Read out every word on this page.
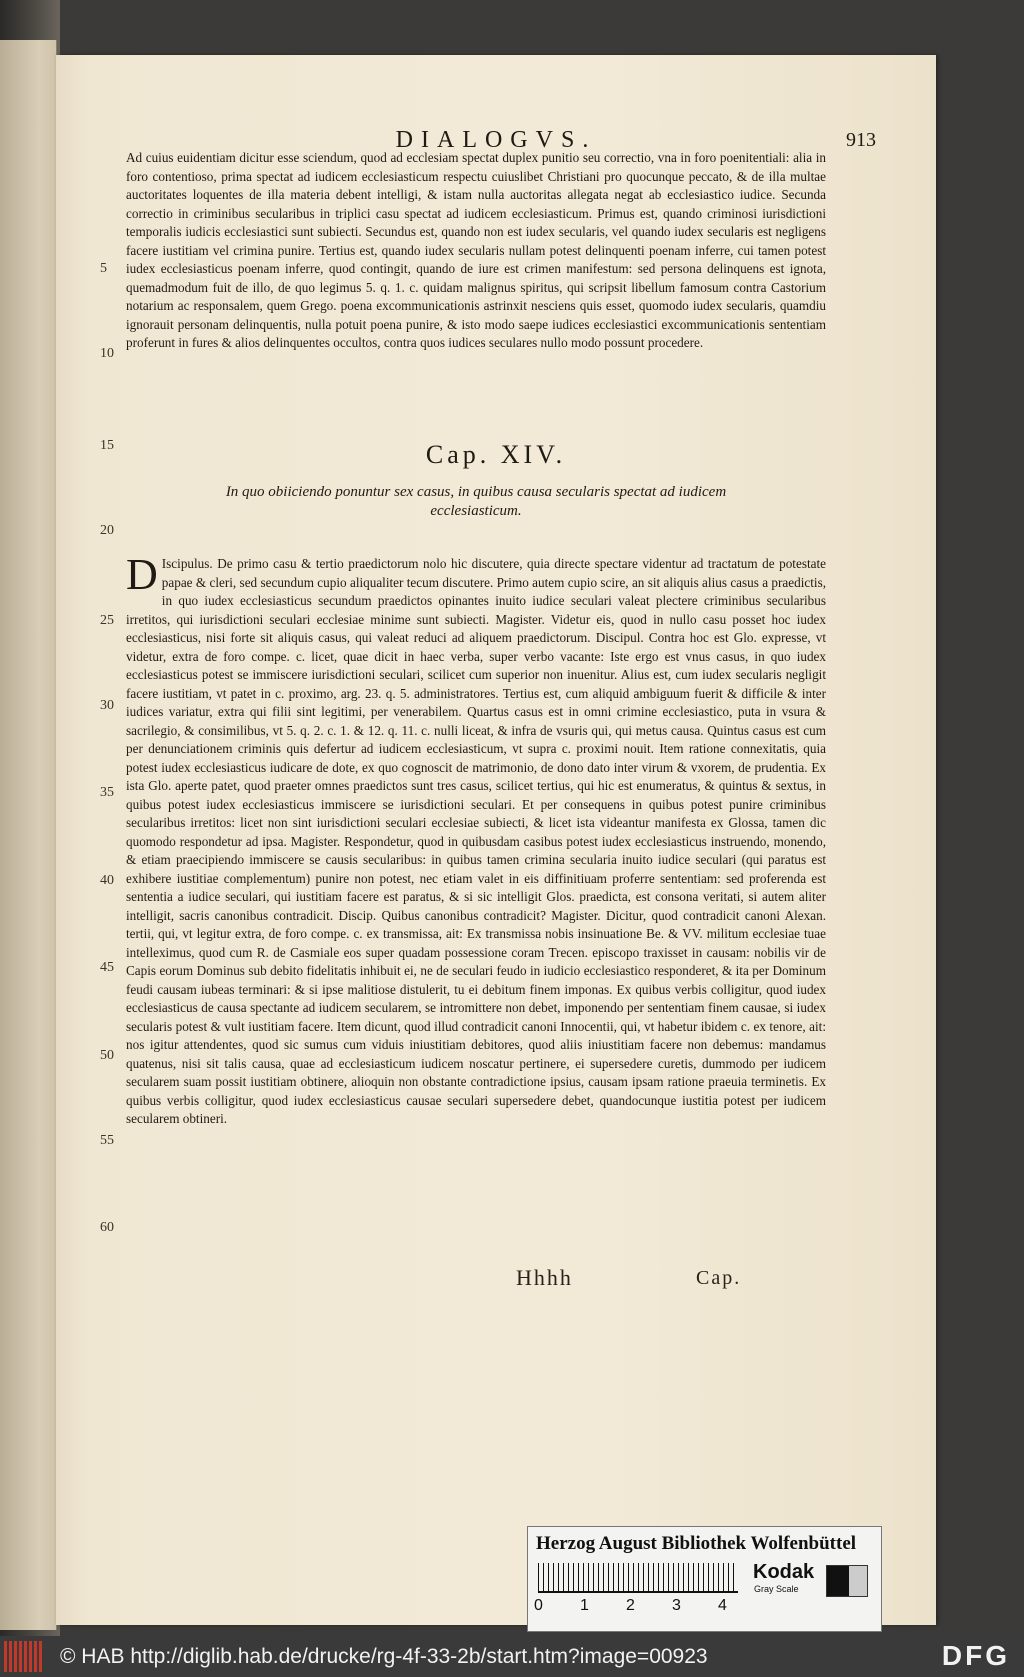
DIALOGVS.	913
5
10
15
20
25
30
35
40
45
50
55
60

Ad cuius euidentiam dicitur esse sciendum, quod ad ecclesiam spectat duplex punitio seu correctio, vna in foro poenitentiali: alia in foro contentioso, prima spectat ad iudicem ecclesiasticum respectu cuiuslibet Christiani pro quocunque peccato, & de illa multae auctoritates loquentes de illa materia debent intelligi, & istam nulla auctoritas allegata negat ab ecclesiastico iudice. Secunda correctio in criminibus secularibus in triplici casu spectat ad iudicem ecclesiasticum. Primus est, quando criminosi iurisdictioni temporalis iudicis ecclesiastici sunt subiecti. Secundus est, quando non est iudex secularis, vel quando iudex secularis est negligens facere iustitiam vel crimina punire. Tertius est, quando iudex secularis nullam potest delinquenti poenam inferre, cui tamen potest iudex ecclesiasticus poenam inferre, quod contingit, quando de iure est crimen manifestum: sed persona delinquens est ignota, quemadmodum fuit de illo, de quo legimus 5. q. 1. c. quidam malignus spiritus, qui scripsit libellum famosum contra Castorium notarium ac responsalem, quem Grego. poena excommunicationis astrinxit nesciens quis esset, quomodo iudex secularis, quamdiu ignorauit personam delinquentis, nulla potuit poena punire, & isto modo saepe iudices ecclesiastici excommunicationis sententiam proferunt in fures & alios delinquentes occultos, contra quos iudices seculares nullo modo possunt procedere.

Cap. XIV.
In quo obiiciendo ponuntur sex casus, in quibus causa secularis spectat ad iudicem ecclesiasticum.

D Iscipulus. De primo casu & tertio praedictorum nolo hic discutere, quia directe spectare videntur ad tractatum de potestate papae & cleri, sed secundum cupio aliqualiter tecum discutere. Primo autem cupio scire, an sit aliquis alius casus a praedictis, in quo iudex ecclesiasticus secundum praedictos opinantes inuito iudice seculari valeat plectere criminibus secularibus irretitos, qui iurisdictioni seculari ecclesiae minime sunt subiecti. Magister. Videtur eis, quod in nullo casu posset hoc iudex ecclesiasticus, nisi forte sit aliquis casus, qui valeat reduci ad aliquem praedictorum. Discipul. Contra hoc est Glo. expresse, vt videtur, extra de foro compe. c. licet, quae dicit in haec verba, super verbo vacante: Iste ergo est vnus casus, in quo iudex ecclesiasticus potest se immiscere iurisdictioni seculari, scilicet cum superior non inuenitur. Alius est, cum iudex secularis negligit facere iustitiam, vt patet in c. proximo, arg. 23. q. 5. administratores. Tertius est, cum aliquid ambiguum fuerit & difficile & inter iudices variatur, extra qui filii sint legitimi, per venerabilem. Quartus casus est in omni crimine ecclesiastico, puta in vsura & sacrilegio, & consimilibus, vt 5. q. 2. c. 1. & 12. q. 11. c. nulli liceat, & infra de vsuris qui, qui metus causa. Quintus casus est cum per denunciationem criminis quis defertur ad iudicem ecclesiasticum, vt supra c. proximi nouit. Item ratione connexitatis, quia potest iudex ecclesiasticus iudicare de dote, ex quo cognoscit de matrimonio, de dono dato inter virum & vxorem, de prudentia. Ex ista Glo. aperte patet, quod praeter omnes praedictos sunt tres casus, scilicet tertius, qui hic est enumeratus, & quintus & sextus, in quibus potest iudex ecclesiasticus immiscere se iurisdictioni seculari. Et per consequens in quibus potest punire criminibus secularibus irretitos: licet non sint iurisdictioni seculari ecclesiae subiecti, & licet ista videantur manifesta ex Glossa, tamen dic quomodo respondetur ad ipsa. Magister. Respondetur, quod in quibusdam casibus potest iudex ecclesiasticus instruendo, monendo, & etiam praecipiendo immiscere se causis secularibus: in quibus tamen crimina secularia inuito iudice seculari (qui paratus est exhibere iustitiae complementum) punire non potest, nec etiam valet in eis diffinitiuam proferre sententiam: sed proferenda est sententia a iudice seculari, qui iustitiam facere est paratus, & si sic intelligit Glos. praedicta, est consona veritati, si autem aliter intelligit, sacris canonibus contradicit. Discip. Quibus canonibus contradicit? Magister. Dicitur, quod contradicit canoni Alexan. tertii, qui, vt legitur extra, de foro compe. c. ex transmissa, ait: Ex transmissa nobis insinuatione Be. & VV. militum ecclesiae tuae intelleximus, quod cum R. de Casmiale eos super quadam possessione coram Trecen. episcopo traxisset in causam: nobilis vir de Capis eorum Dominus sub debito fidelitatis inhibuit ei, ne de seculari feudo in iudicio ecclesiastico responderet, & ita per Dominum feudi causam iubeas terminari: & si ipse malitiose distulerit, tu ei debitum finem imponas. Ex quibus verbis colligitur, quod iudex ecclesiasticus de causa spectante ad iudicem secularem, se intromittere non debet, imponendo per sententiam finem causae, si iudex secularis potest & vult iustitiam facere. Item dicunt, quod illud contradicit canoni Innocentii, qui, vt habetur ibidem c. ex tenore, ait: nos igitur attendentes, quod sic sumus cum viduis iniustitiam debitores, quod aliis iniustitiam facere non debemus: mandamus quatenus, nisi sit talis causa, quae ad ecclesiasticum iudicem noscatur pertinere, ei supersedere curetis, dummodo per iudicem secularem suam possit iustitiam obtinere, alioquin non obstante contradictione ipsius, causam ipsam ratione praeuia terminetis. Ex quibus verbis colligitur, quod iudex ecclesiasticus causae seculari supersedere debet, quandocunque iustitia potest per iudicem secularem obtineri.

Hhhh	Cap.
Herzog August Bibliothek Wolfenbüttel
0 1 2 3 4
Kodak
Gray Scale
© HAB http://diglib.hab.de/drucke/rg-4f-33-2b/start.htm?image=00923	DFG
